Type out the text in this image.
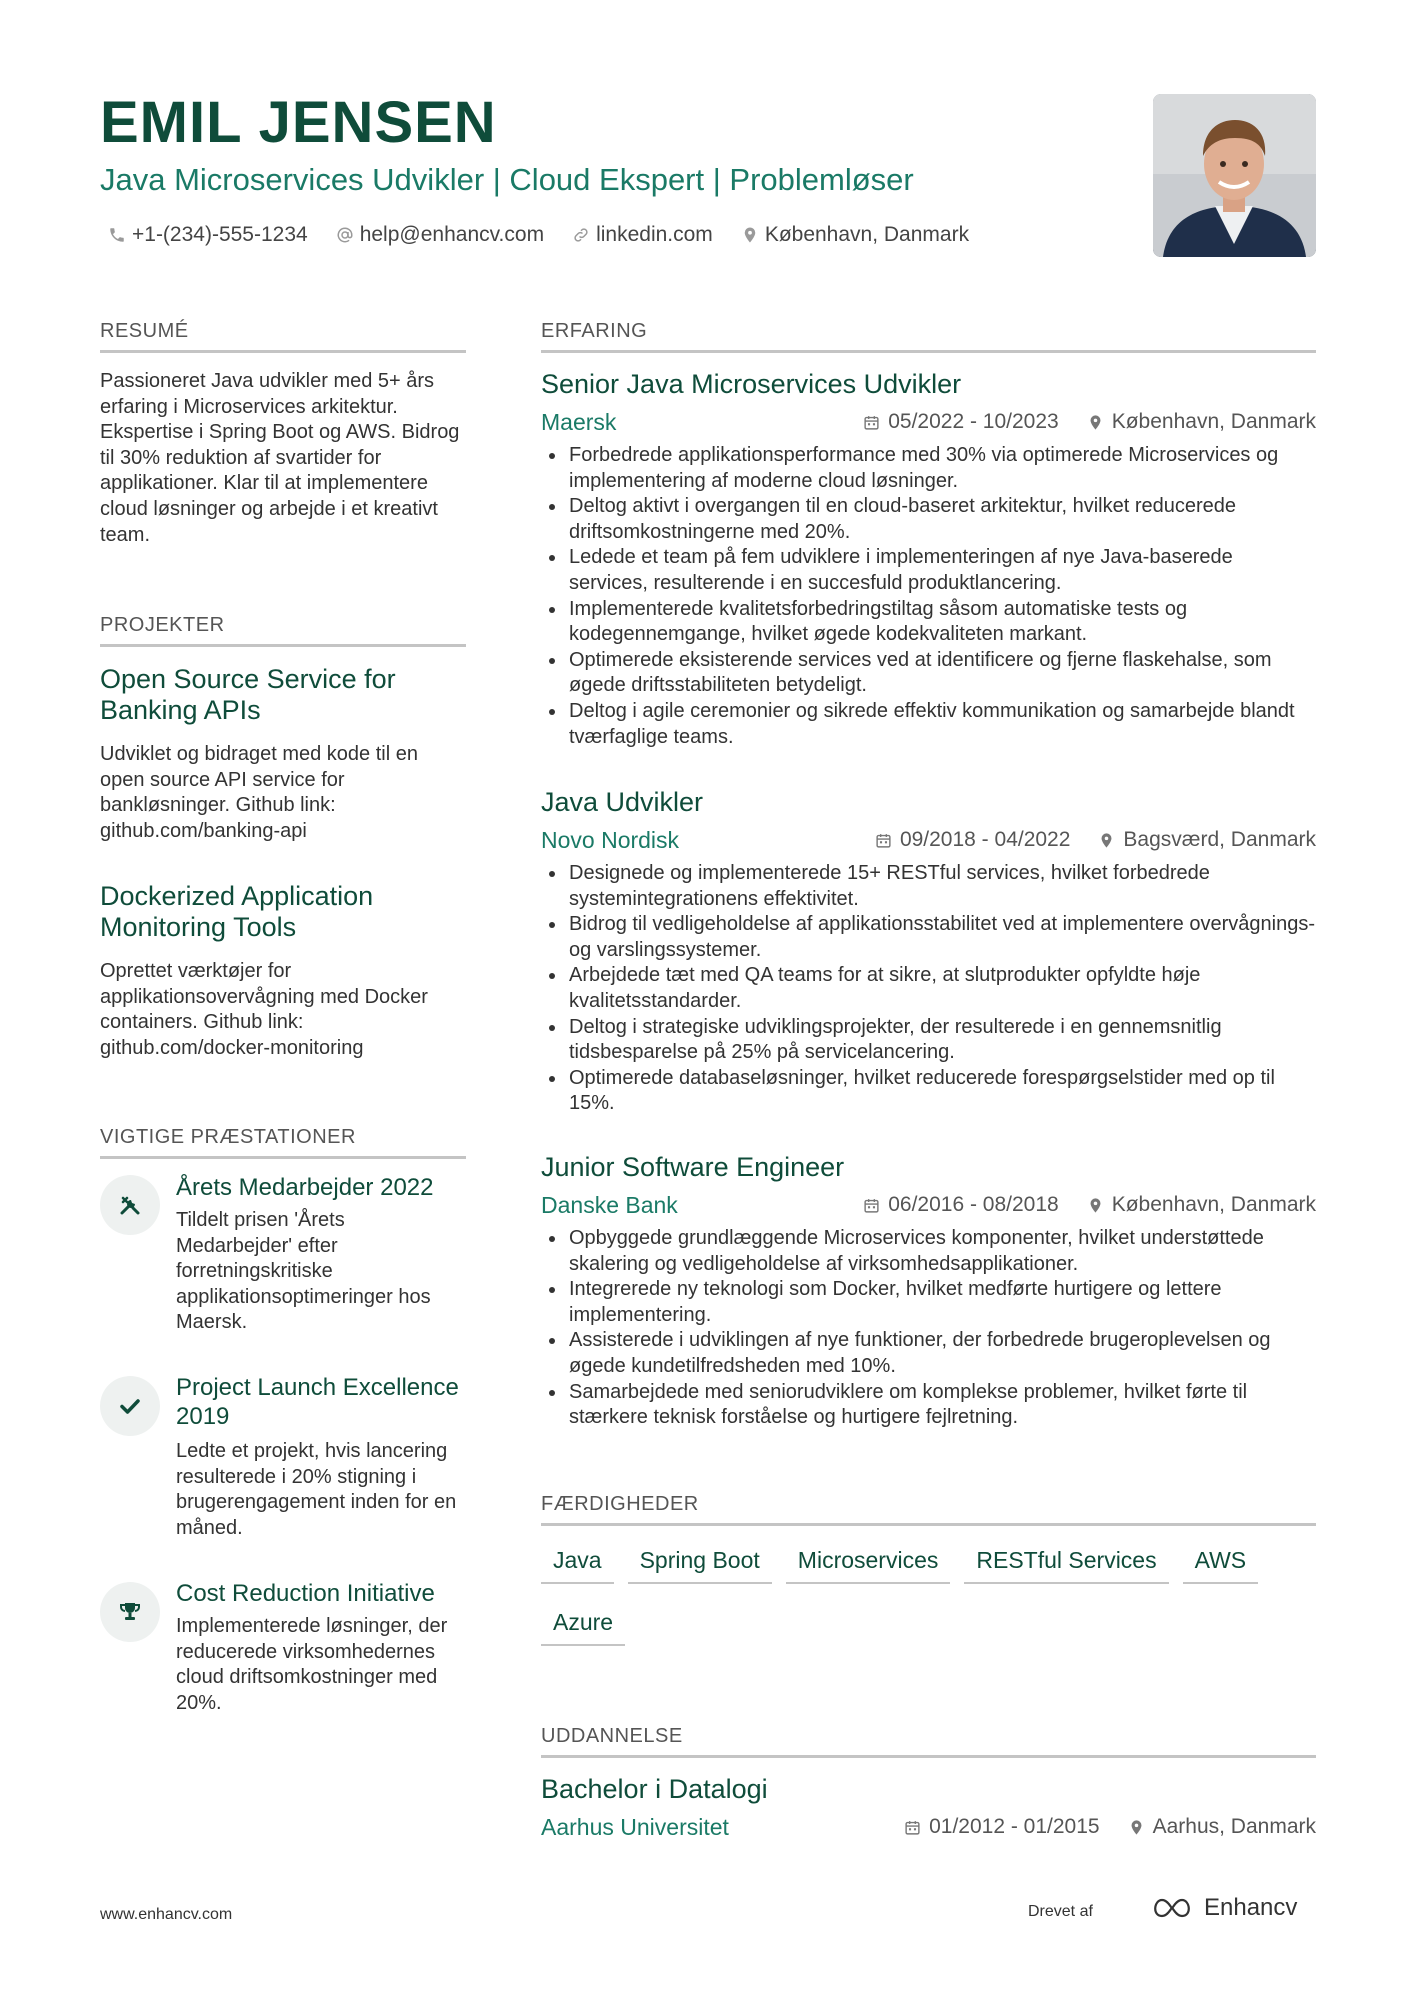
EMIL JENSEN
Java Microservices Udvikler | Cloud Ekspert | Problemløser
+1-(234)-555-1234 help@enhancv.com linkedin.com København, Danmark
RESUMÉ
Passioneret Java udvikler med 5+ års erfaring i Microservices arkitektur. Ekspertise i Spring Boot og AWS. Bidrog til 30% reduktion af svartider for applikationer. Klar til at implementere cloud løsninger og arbejde i et kreativt team.
PROJEKTER
Open Source Service for Banking APIs
Udviklet og bidraget med kode til en open source API service for bankløsninger. Github link: github.com/banking-api
Dockerized Application Monitoring Tools
Oprettet værktøjer for applikationsovervågning med Docker containers. Github link: github.com/docker-monitoring
VIGTIGE PRÆSTATIONER
Årets Medarbejder 2022
Tildelt prisen 'Årets Medarbejder' efter forretningskritiske applikationsoptimeringer hos Maersk.
Project Launch Excellence 2019
Ledte et projekt, hvis lancering resulterede i 20% stigning i brugerengagement inden for en måned.
Cost Reduction Initiative
Implementerede løsninger, der reducerede virksomhedernes cloud driftsomkostninger med 20%.
ERFARING
Senior Java Microservices Udvikler
Maersk	05/2022 - 10/2023	København, Danmark
Forbedrede applikationsperformance med 30% via optimerede Microservices og implementering af moderne cloud løsninger.
Deltog aktivt i overgangen til en cloud-baseret arkitektur, hvilket reducerede driftsomkostningerne med 20%.
Ledede et team på fem udviklere i implementeringen af nye Java-baserede services, resulterende i en succesfuld produktlancering.
Implementerede kvalitetsforbedringstiltag såsom automatiske tests og kodegennemgange, hvilket øgede kodekvaliteten markant.
Optimerede eksisterende services ved at identificere og fjerne flaskehalse, som øgede driftsstabiliteten betydeligt.
Deltog i agile ceremonier og sikrede effektiv kommunikation og samarbejde blandt tværfaglige teams.
Java Udvikler
Novo Nordisk	09/2018 - 04/2022	Bagsværd, Danmark
Designede og implementerede 15+ RESTful services, hvilket forbedrede systemintegrationens effektivitet.
Bidrog til vedligeholdelse af applikationsstabilitet ved at implementere overvågnings- og varslingssystemer.
Arbejdede tæt med QA teams for at sikre, at slutprodukter opfyldte høje kvalitetsstandarder.
Deltog i strategiske udviklingsprojekter, der resulterede i en gennemsnitlig tidsbesparelse på 25% på servicelancering.
Optimerede databaseløsninger, hvilket reducerede forespørgselstider med op til 15%.
Junior Software Engineer
Danske Bank	06/2016 - 08/2018	København, Danmark
Opbyggede grundlæggende Microservices komponenter, hvilket understøttede skalering og vedligeholdelse af virksomhedsapplikationer.
Integrerede ny teknologi som Docker, hvilket medførte hurtigere og lettere implementering.
Assisterede i udviklingen af nye funktioner, der forbedrede brugeroplevelsen og øgede kundetilfredsheden med 10%.
Samarbejdede med seniorudviklere om komplekse problemer, hvilket førte til stærkere teknisk forståelse og hurtigere fejlretning.
FÆRDIGHEDER
Java	Spring Boot	Microservices	RESTful Services	AWS
Azure
UDDANNELSE
Bachelor i Datalogi
Aarhus Universitet	01/2012 - 01/2015	Aarhus, Danmark
www.enhancv.com	Drevet af	Enhancv
